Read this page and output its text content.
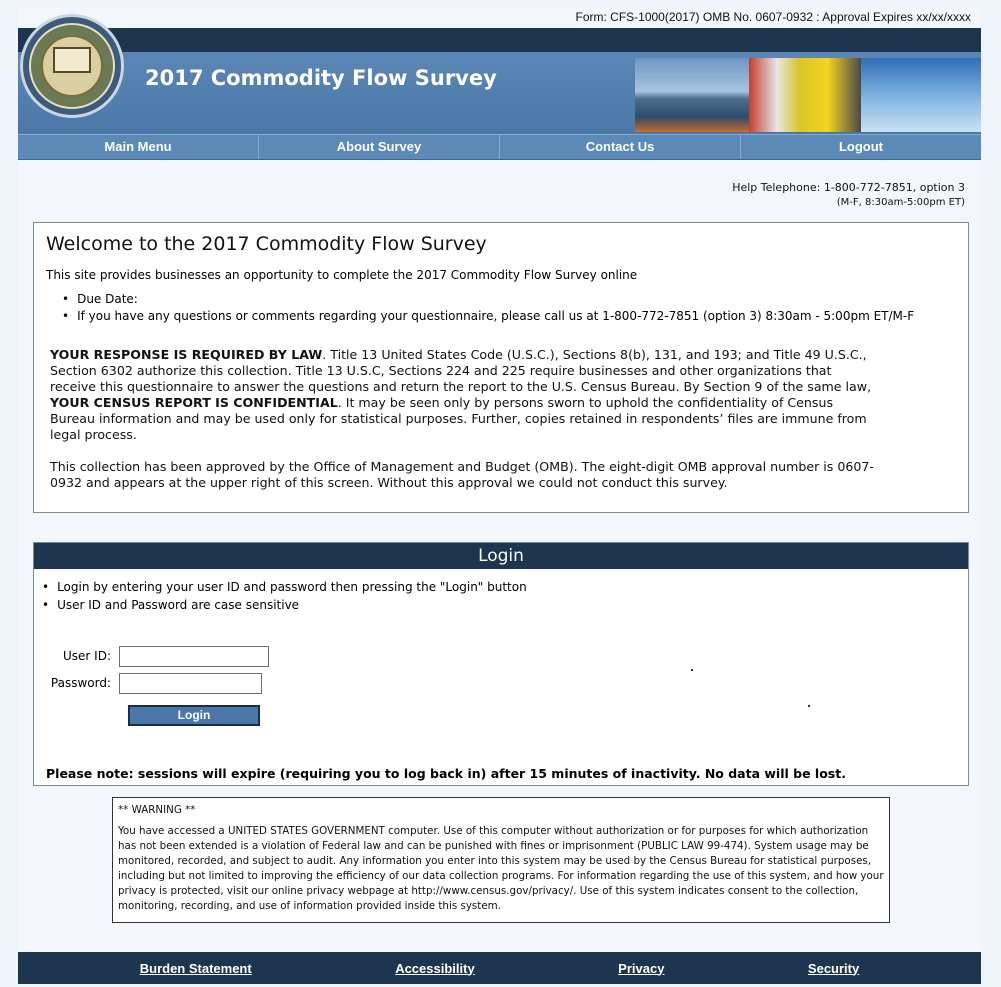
Form: CFS-1000(2017) OMB No. 0607-0932 : Approval Expires xx/xx/xxxx
2017 Commodity Flow Survey
Main Menu	About Survey	Contact Us	Logout
Help Telephone: 1-800-772-7851, option 3
(M-F, 8:30am-5:00pm ET)
Welcome to the 2017 Commodity Flow Survey
This site provides businesses an opportunity to complete the 2017 Commodity Flow Survey online
• Due Date:
• If you have any questions or comments regarding your questionnaire, please call us at 1-800-772-7851 (option 3) 8:30am - 5:00pm ET/M-F
YOUR RESPONSE IS REQUIRED BY LAW. Title 13 United States Code (U.S.C.), Sections 8(b), 131, and 193; and Title 49 U.S.C., Section 6302 authorize this collection. Title 13 U.S.C, Sections 224 and 225 require businesses and other organizations that receive this questionnaire to answer the questions and return the report to the U.S. Census Bureau. By Section 9 of the same law, YOUR CENSUS REPORT IS CONFIDENTIAL. It may be seen only by persons sworn to uphold the confidentiality of Census Bureau information and may be used only for statistical purposes. Further, copies retained in respondents’ files are immune from legal process.
This collection has been approved by the Office of Management and Budget (OMB). The eight-digit OMB approval number is 0607-0932 and appears at the upper right of this screen. Without this approval we could not conduct this survey.
Login
• Login by entering your user ID and password then pressing the "Login" button
• User ID and Password are case sensitive
User ID:
Password:
Login
Please note: sessions will expire (requiring you to log back in) after 15 minutes of inactivity. No data will be lost.
** WARNING **
You have accessed a UNITED STATES GOVERNMENT computer. Use of this computer without authorization or for purposes for which authorization has not been extended is a violation of Federal law and can be punished with fines or imprisonment (PUBLIC LAW 99-474). System usage may be monitored, recorded, and subject to audit. Any information you enter into this system may be used by the Census Bureau for statistical purposes, including but not limited to improving the efficiency of our data collection programs. For information regarding the use of this system, and how your privacy is protected, visit our online privacy webpage at http://www.census.gov/privacy/. Use of this system indicates consent to the collection, monitoring, recording, and use of information provided inside this system.
Burden Statement	Accessibility	Privacy	Security
